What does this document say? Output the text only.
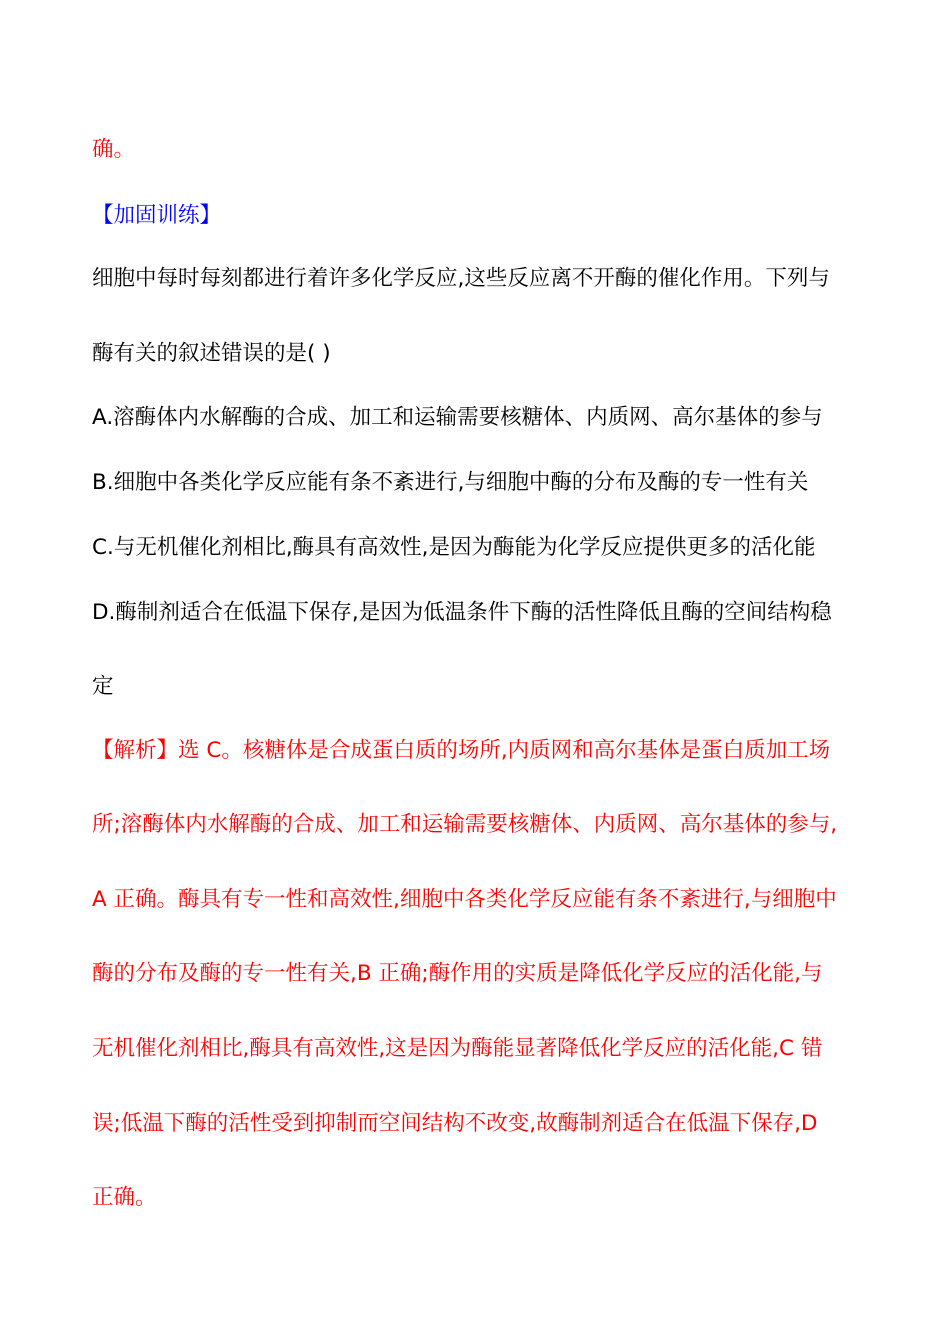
确。
【加固训练】
细胞中每时每刻都进行着许多化学反应,这些反应离不开酶的催化作用。下列与
酶有关的叙述错误的是( )
A.溶酶体内水解酶的合成、加工和运输需要核糖体、内质网、高尔基体的参与
B.细胞中各类化学反应能有条不紊进行,与细胞中酶的分布及酶的专一性有关
C.与无机催化剂相比,酶具有高效性,是因为酶能为化学反应提供更多的活化能
D.酶制剂适合在低温下保存,是因为低温条件下酶的活性降低且酶的空间结构稳
定
【解析】选 C。核糖体是合成蛋白质的场所,内质网和高尔基体是蛋白质加工场
所;溶酶体内水解酶的合成、加工和运输需要核糖体、内质网、高尔基体的参与,
A 正确。酶具有专一性和高效性,细胞中各类化学反应能有条不紊进行,与细胞中
酶的分布及酶的专一性有关,B 正确;酶作用的实质是降低化学反应的活化能,与
无机催化剂相比,酶具有高效性,这是因为酶能显著降低化学反应的活化能,C 错
误;低温下酶的活性受到抑制而空间结构不改变,故酶制剂适合在低温下保存,D
正确。
